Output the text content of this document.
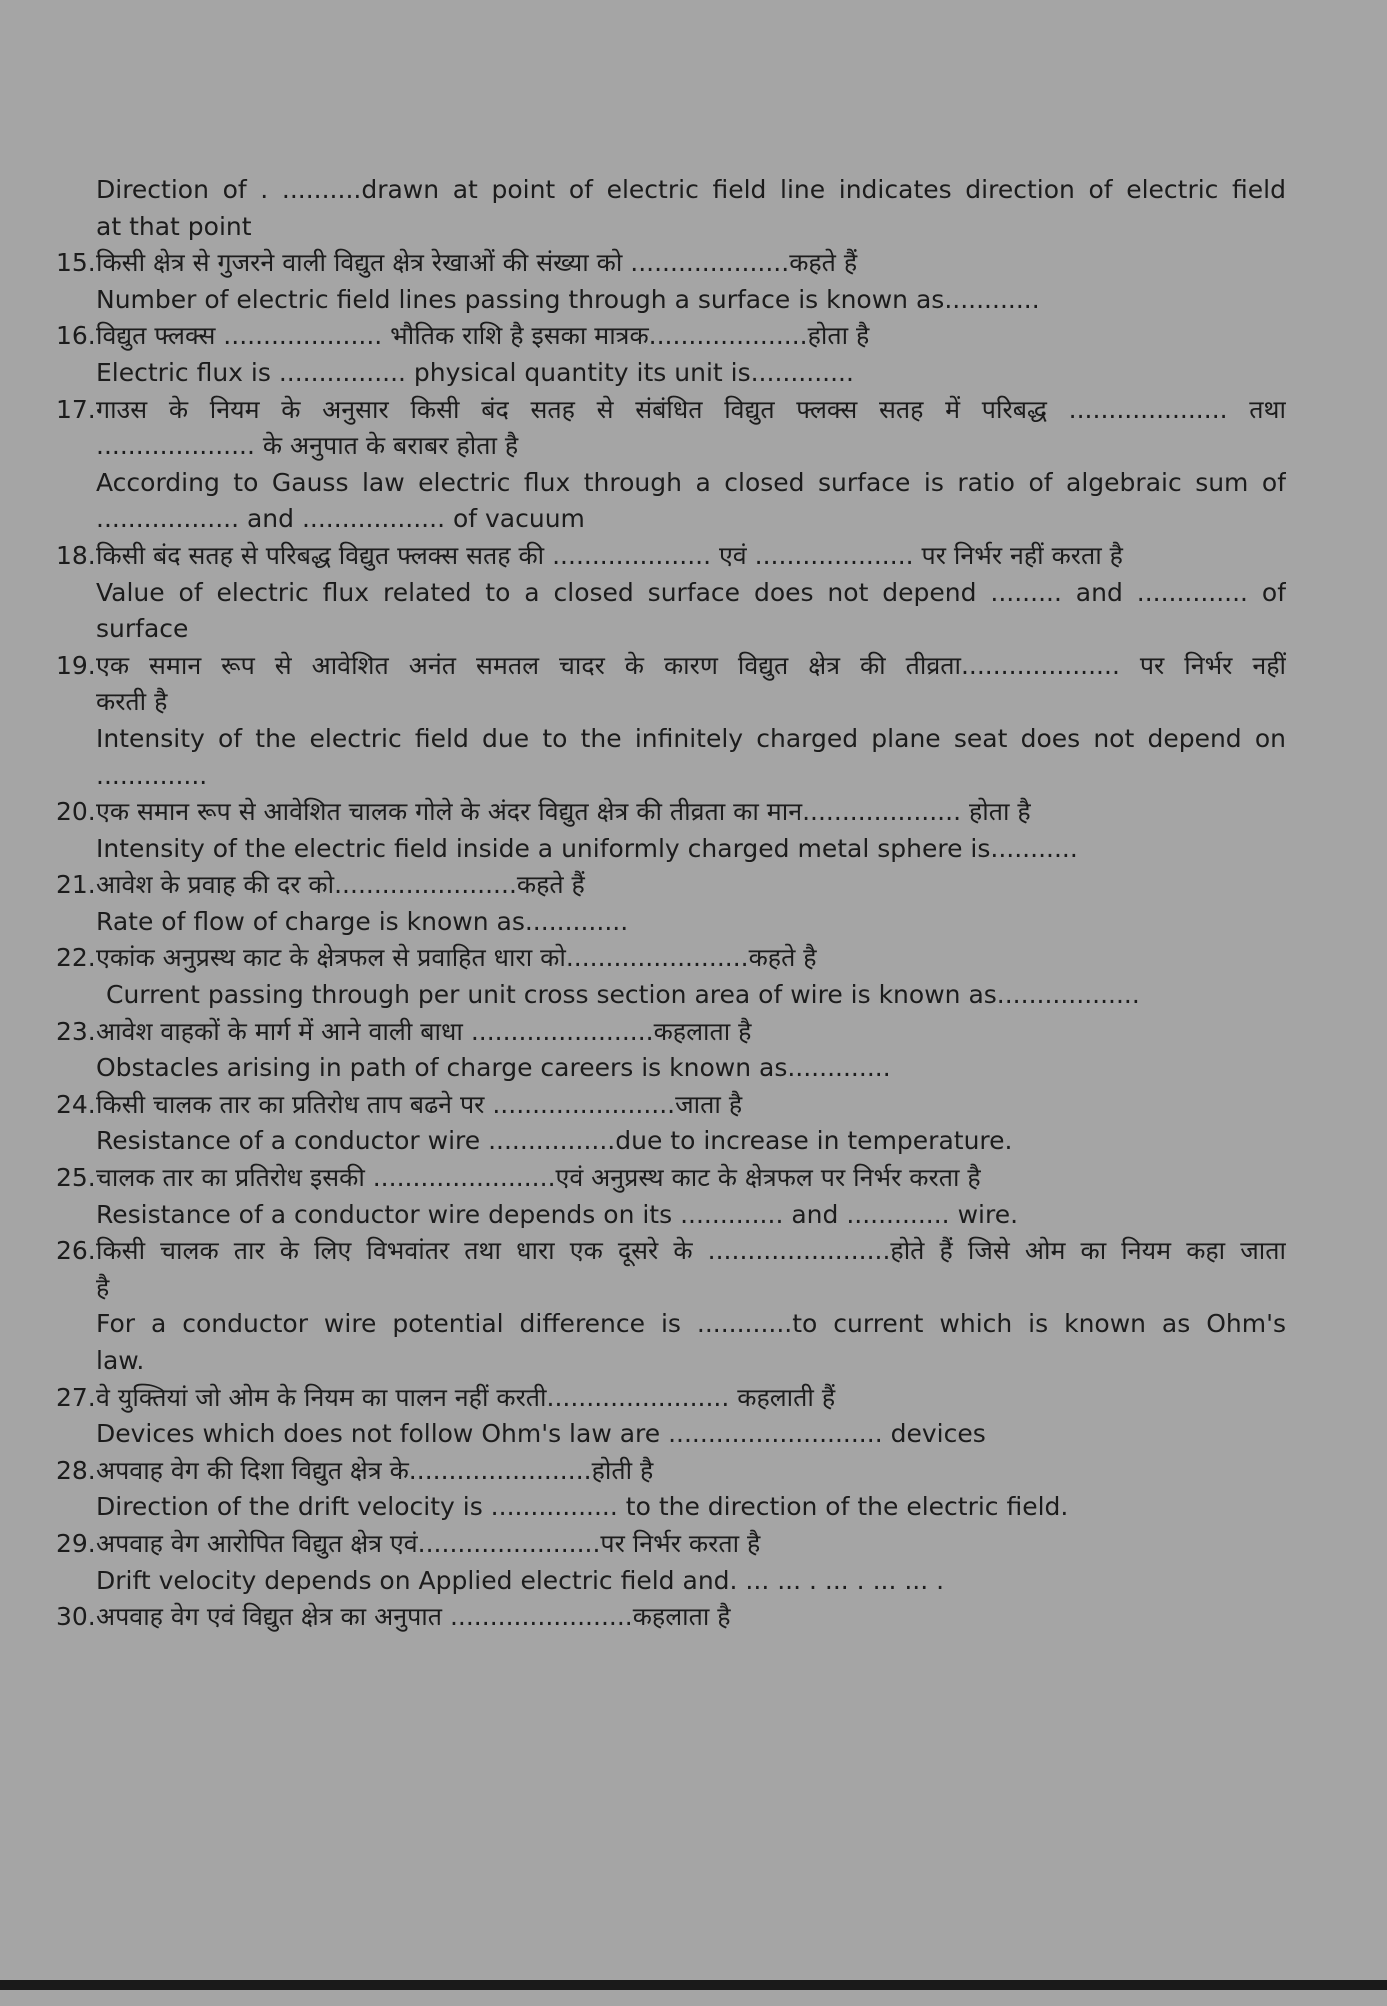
Direction of . ..........drawn at point of electric field line indicates direction of electric field
at that point
15. किसी क्षेत्र से गुजरने वाली विद्युत क्षेत्र रेखाओं की संख्या को ....................कहते हैं
Number of electric field lines passing through a surface is known as............
16. विद्युत फ्लक्स .................... भौतिक राशि है इसका मात्रक....................होता है
Electric flux is ................ physical quantity its unit is.............
17. गाउस के नियम के अनुसार किसी बंद सतह से संबंधित विद्युत फ्लक्स सतह में परिबद्ध .................... तथा
.................... के अनुपात के बराबर होता है
According to Gauss law electric flux through a closed surface is ratio of algebraic sum of
.................. and .................. of vacuum
18. किसी बंद सतह से परिबद्ध विद्युत फ्लक्स सतह की .................... एवं .................... पर निर्भर नहीं करता है
Value of electric flux related to a closed surface does not depend ......... and .............. of
surface
19. एक समान रूप से आवेशित अनंत समतल चादर के कारण विद्युत क्षेत्र की तीव्रता.................... पर निर्भर नहीं
करती है
Intensity of the electric field due to the infinitely charged plane seat does not depend on
..............
20. एक समान रूप से आवेशित चालक गोले के अंदर विद्युत क्षेत्र की तीव्रता का मान.................... होता है
Intensity of the electric field inside a uniformly charged metal sphere is...........
21. आवेश के प्रवाह की दर को.......................कहते हैं
Rate of flow of charge is known as.............
22. एकांक अनुप्रस्थ काट के क्षेत्रफल से प्रवाहित धारा को.......................कहते है
Current passing through per unit cross section area of wire is known as..................
23. आवेश वाहकों के मार्ग में आने वाली बाधा .......................कहलाता है
Obstacles arising in path of charge careers is known as.............
24. किसी चालक तार का प्रतिरोध ताप बढने पर .......................जाता है
Resistance of a conductor wire ................due to increase in temperature.
25. चालक तार का प्रतिरोध इसकी .......................एवं अनुप्रस्थ काट के क्षेत्रफल पर निर्भर करता है
Resistance of a conductor wire depends on its ............. and ............. wire.
26. किसी चालक तार के लिए विभवांतर तथा धारा एक दूसरे के .......................होते हैं जिसे ओम का नियम कहा जाता
है
For a conductor wire potential difference is ............to current which is known as Ohm's
law.
27. वे युक्तियां जो ओम के नियम का पालन नहीं करती....................... कहलाती हैं
Devices which does not follow Ohm's law are ........................... devices
28. अपवाह वेग की दिशा विद्युत क्षेत्र के.......................होती है
Direction of the drift velocity is ................ to the direction of the electric field.
29. अपवाह वेग आरोपित विद्युत क्षेत्र एवं.......................पर निर्भर करता है
Drift velocity depends on Applied electric field and. ... ... . ... . ... ... .
30. अपवाह वेग एवं विद्युत क्षेत्र का अनुपात .......................कहलाता है
